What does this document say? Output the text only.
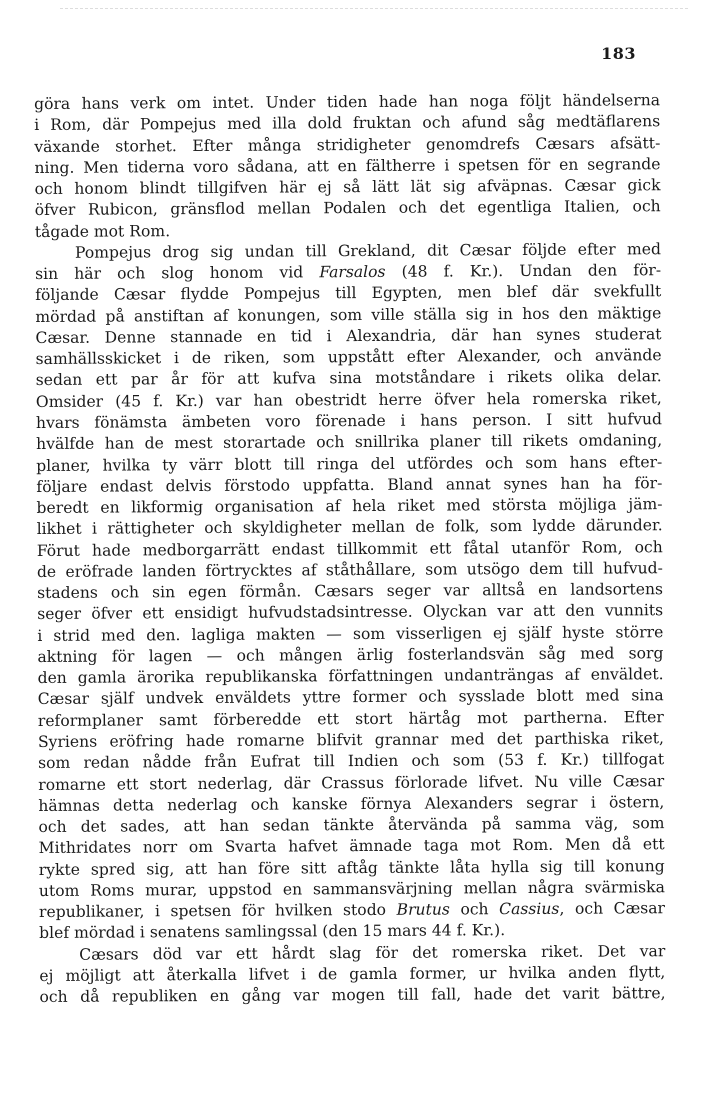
183
göra hans verk om intet. Under tiden hade han noga följt händelserna
i Rom, där Pompejus med illa dold fruktan och afund såg medtäflarens
växande storhet. Efter många stridigheter genomdrefs Cæsars afsätt-
ning. Men tiderna voro sådana, att en fältherre i spetsen för en segrande
och honom blindt tillgifven här ej så lätt lät sig afväpnas. Cæsar gick
öfver Rubicon, gränsflod mellan Podalen och det egentliga Italien, och
tågade mot Rom.
Pompejus drog sig undan till Grekland, dit Cæsar följde efter med
sin här och slog honom vid Farsalos (48 f. Kr.). Undan den för-
följande Cæsar flydde Pompejus till Egypten, men blef där svekfullt
mördad på anstiftan af konungen, som ville ställa sig in hos den mäktige
Cæsar. Denne stannade en tid i Alexandria, där han synes studerat
samhällsskicket i de riken, som uppstått efter Alexander, och använde
sedan ett par år för att kufva sina motståndare i rikets olika delar.
Omsider (45 f. Kr.) var han obestridt herre öfver hela romerska riket,
hvars fönämsta ämbeten voro förenade i hans person. I sitt hufvud
hvälfde han de mest storartade och snillrika planer till rikets omdaning,
planer, hvilka ty värr blott till ringa del utfördes och som hans efter-
följare endast delvis förstodo uppfatta. Bland annat synes han ha för-
beredt en likformig organisation af hela riket med största möjliga jäm-
likhet i rättigheter och skyldigheter mellan de folk, som lydde därunder.
Förut hade medborgarrätt endast tillkommit ett fåtal utanför Rom, och
de eröfrade landen förtrycktes af ståthållare, som utsögo dem till hufvud-
stadens och sin egen förmån. Cæsars seger var alltså en landsortens
seger öfver ett ensidigt hufvudstadsintresse. Olyckan var att den vunnits
i strid med den. lagliga makten — som visserligen ej själf hyste större
aktning för lagen — och mången ärlig fosterlandsvän såg med sorg
den gamla ärorika republikanska författningen undanträngas af enväldet.
Cæsar själf undvek enväldets yttre former och sysslade blott med sina
reformplaner samt förberedde ett stort härtåg mot partherna. Efter
Syriens eröfring hade romarne blifvit grannar med det parthiska riket,
som redan nådde från Eufrat till Indien och som (53 f. Kr.) tillfogat
romarne ett stort nederlag, där Crassus förlorade lifvet. Nu ville Cæsar
hämnas detta nederlag och kanske förnya Alexanders segrar i östern,
och det sades, att han sedan tänkte återvända på samma väg, som
Mithridates norr om Svarta hafvet ämnade taga mot Rom. Men då ett
rykte spred sig, att han före sitt aftåg tänkte låta hylla sig till konung
utom Roms murar, uppstod en sammansvärjning mellan några svärmiska
republikaner, i spetsen för hvilken stodo Brutus och Cassius, och Cæsar
blef mördad i senatens samlingssal (den 15 mars 44 f. Kr.).
Cæsars död var ett hårdt slag för det romerska riket. Det var
ej möjligt att återkalla lifvet i de gamla former, ur hvilka anden flytt,
och då republiken en gång var mogen till fall, hade det varit bättre,
